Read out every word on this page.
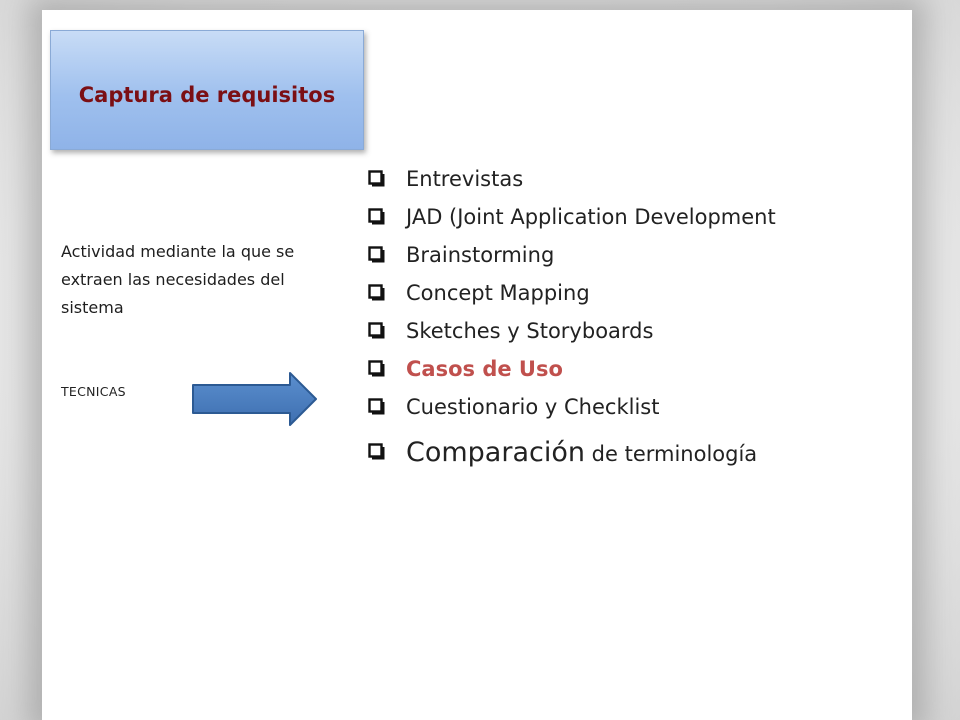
Captura de requisitos
Actividad mediante la que se extraen las necesidades del sistema
TECNICAS
Entrevistas
JAD (Joint Application Development
Brainstorming
Concept Mapping
Sketches y Storyboards
Casos de Uso
Cuestionario y Checklist
Comparación de terminología
